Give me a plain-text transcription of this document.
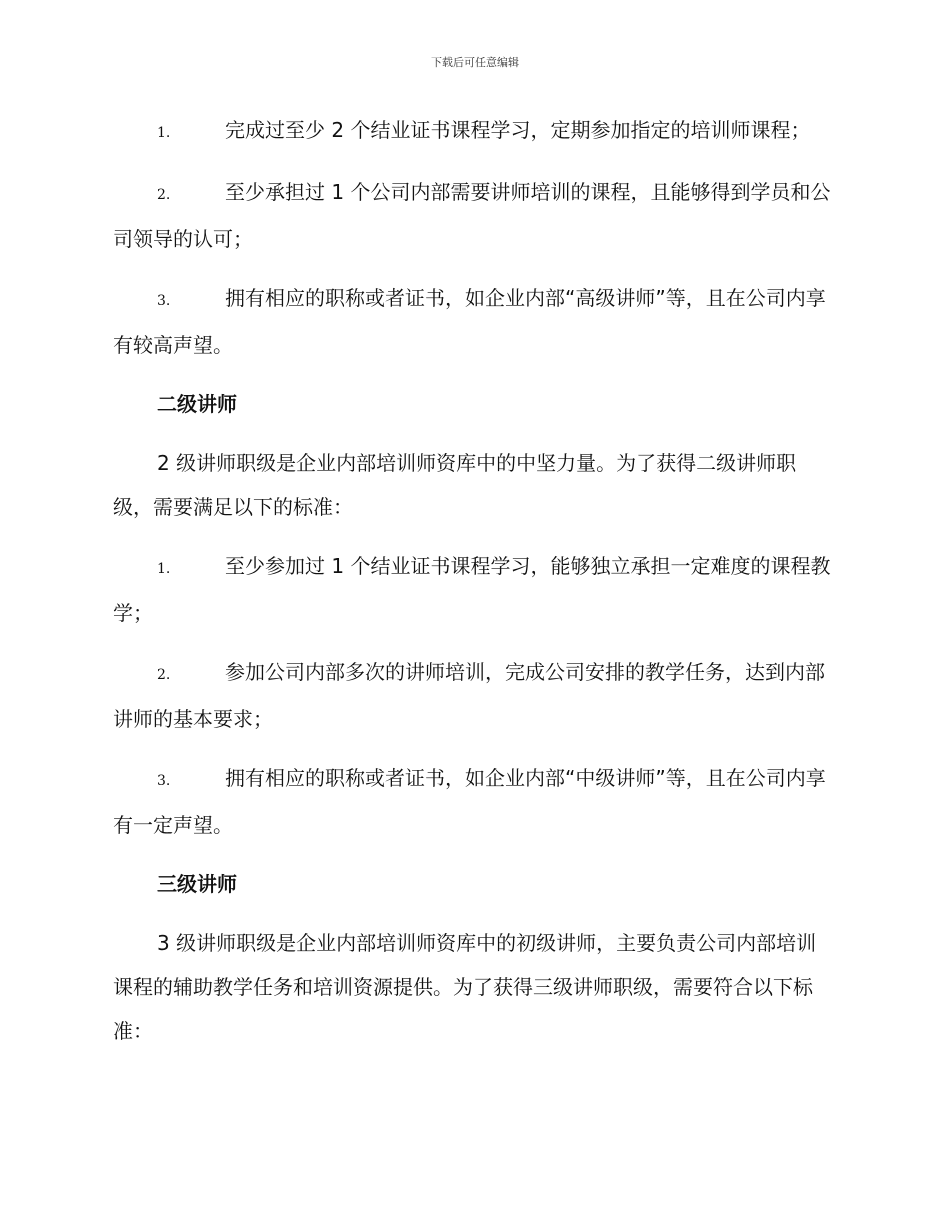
下载后可任意编辑

1.	完成过至少 2 个结业证书课程学习，定期参加指定的培训师课程；

2.	至少承担过 1 个公司内部需要讲师培训的课程，且能够得到学员和公司领导的认可；

3.	拥有相应的职称或者证书，如企业内部“高级讲师”等，且在公司内享有较高声望。

二级讲师

2 级讲师职级是企业内部培训师资库中的中坚力量。为了获得二级讲师职级，需要满足以下的标准：

1.	至少参加过 1 个结业证书课程学习，能够独立承担一定难度的课程教学；

2.	参加公司内部多次的讲师培训，完成公司安排的教学任务，达到内部讲师的基本要求；

3.	拥有相应的职称或者证书，如企业内部“中级讲师”等，且在公司内享有一定声望。

三级讲师

3 级讲师职级是企业内部培训师资库中的初级讲师，主要负责公司内部培训课程的辅助教学任务和培训资源提供。为了获得三级讲师职级，需要符合以下标准：
